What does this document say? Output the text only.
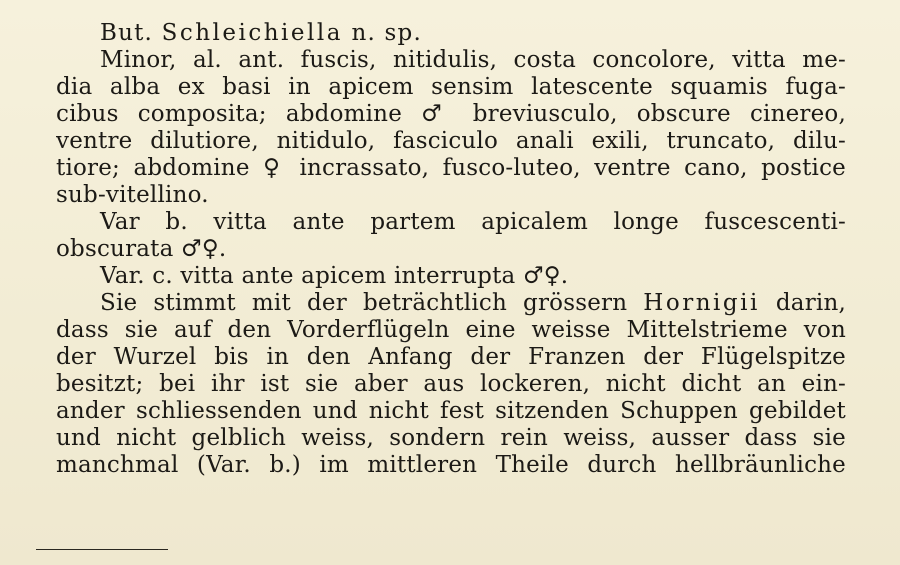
But. Schleichiella n. sp.
Minor, al. ant. fuscis, nitidulis, costa concolore, vitta me-
dia alba ex basi in apicem sensim latescente squamis fuga-
cibus composita; abdomine ♂ breviusculo, obscure cinereo,
ventre dilutiore, nitidulo, fasciculo anali exili, truncato, dilu-
tiore; abdomine ♀ incrassato, fusco-luteo, ventre cano, postice
sub-vitellino.
Var b. vitta ante partem apicalem longe fuscescenti-
obscurata ♂♀.
Var. c. vitta ante apicem interrupta ♂♀.
Sie stimmt mit der beträchtlich grössern Hornigii darin,
dass sie auf den Vorderflügeln eine weisse Mittelstrieme von
der Wurzel bis in den Anfang der Franzen der Flügelspitze
besitzt; bei ihr ist sie aber aus lockeren, nicht dicht an ein-
ander schliessenden und nicht fest sitzenden Schuppen gebildet
und nicht gelblich weiss, sondern rein weiss, ausser dass sie
manchmal (Var. b.) im mittleren Theile durch hellbräunliche
